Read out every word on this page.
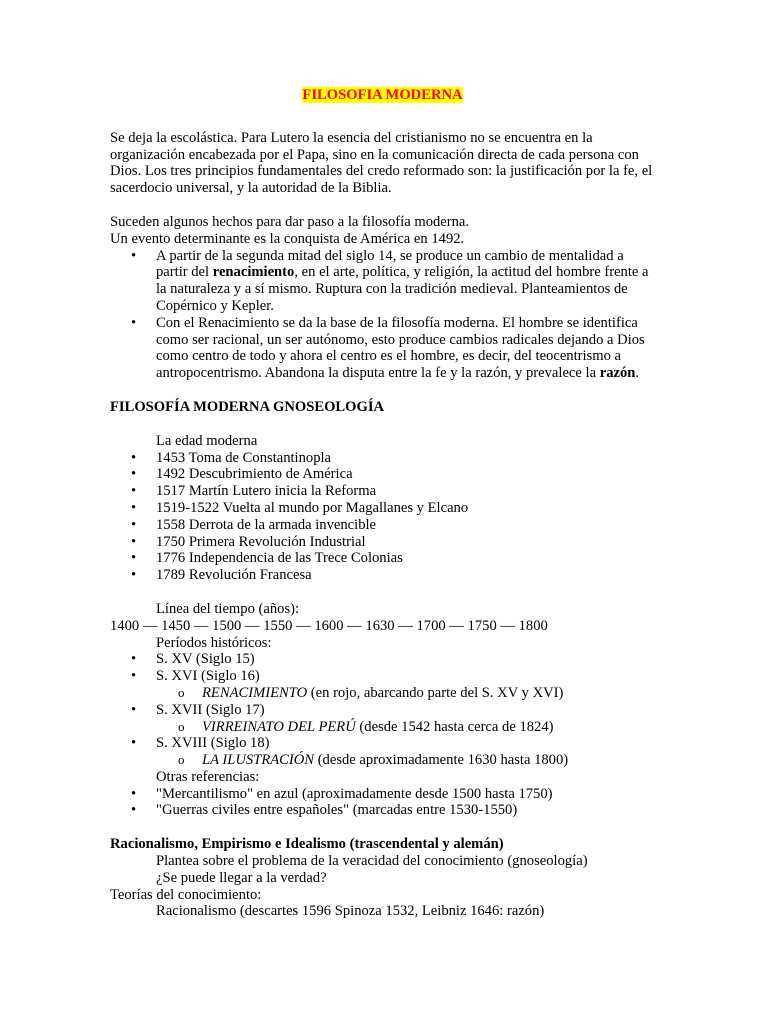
FILOSOFIA MODERNA

Se deja la escolástica. Para Lutero la esencia del cristianismo no se encuentra en la organización encabezada por el Papa, sino en la comunicación directa de cada persona con Dios. Los tres principios fundamentales del credo reformado son: la justificación por la fe, el sacerdocio universal, y la autoridad de la Biblia.

Suceden algunos hechos para dar paso a la filosofía moderna.

Un evento determinante es la conquista de América en 1492.

• A partir de la segunda mitad del siglo 14, se produce un cambio de mentalidad a partir del renacimiento, en el arte, política, y religión, la actitud del hombre frente a la naturaleza y a sí mismo. Ruptura con la tradición medieval. Planteamientos de Copérnico y Kepler.
• Con el Renacimiento se da la base de la filosofía moderna. El hombre se identifica como ser racional, un ser autónomo, esto produce cambios radicales dejando a Dios como centro de todo y ahora el centro es el hombre, es decir, del teocentrismo a antropocentrismo. Abandona la disputa entre la fe y la razón, y prevalece la razón.

FILOSOFÍA MODERNA GNOSEOLOGÍA

La edad moderna

• 1453 Toma de Constantinopla
• 1492 Descubrimiento de América
• 1517 Martín Lutero inicia la Reforma
• 1519-1522 Vuelta al mundo por Magallanes y Elcano
• 1558 Derrota de la armada invencible
• 1750 Primera Revolución Industrial
• 1776 Independencia de las Trece Colonias
• 1789 Revolución Francesa

Línea del tiempo (años):

1400 — 1450 — 1500 — 1550 — 1600 — 1630 — 1700 — 1750 — 1800

Períodos históricos:

• S. XV (Siglo 15)
• S. XVI (Siglo 16)
o RENACIMIENTO (en rojo, abarcando parte del S. XV y XVI)
• S. XVII (Siglo 17)
o VIRREINATO DEL PERÚ (desde 1542 hasta cerca de 1824)
• S. XVIII (Siglo 18)
o LA ILUSTRACIÓN (desde aproximadamente 1630 hasta 1800)

Otras referencias:

• "Mercantilismo" en azul (aproximadamente desde 1500 hasta 1750)
• "Guerras civiles entre españoles" (marcadas entre 1530-1550)

Racionalismo, Empirismo e Idealismo (trascendental y alemán)

Plantea sobre el problema de la veracidad del conocimiento (gnoseología)

¿Se puede llegar a la verdad?

Teorías del conocimiento:

Racionalismo (descartes 1596 Spinoza 1532, Leibniz 1646: razón)
